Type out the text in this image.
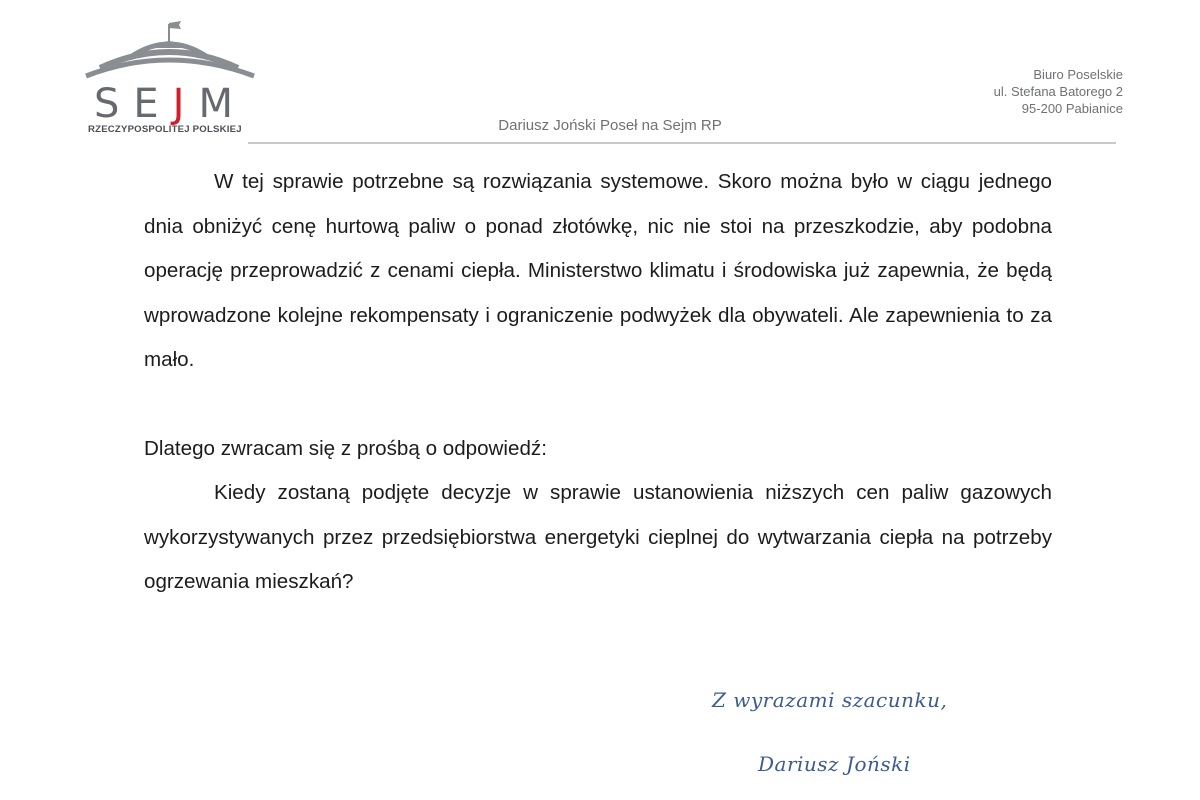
SEJM
RZECZYPOSPOLITEJ POLSKIEJ	Dariusz Joński Poseł na Sejm RP
Biuro Poselskie
ul. Stefana Batorego 2
95-200 Pabianice

W tej sprawie potrzebne są rozwiązania systemowe. Skoro można było w ciągu jednego dnia obniżyć cenę hurtową paliw o ponad złotówkę, nic nie stoi na przeszkodzie, aby podobna operację przeprowadzić z cenami ciepła. Ministerstwo klimatu i środowiska już zapewnia, że będą wprowadzone kolejne rekompensaty i ograniczenie podwyżek dla obywateli. Ale zapewnienia to za mało.

Dlatego zwracam się z prośbą o odpowiedź:

Kiedy zostaną podjęte decyzje w sprawie ustanowienia niższych cen paliw gazowych wykorzystywanych przez przedsiębiorstwa energetyki cieplnej do wytwarzania ciepła na potrzeby ogrzewania mieszkań?

Z wyrazami szacunku,
Dariusz Joński
